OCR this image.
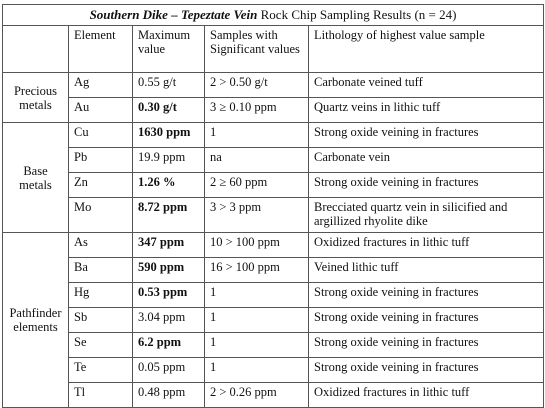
Southern Dike – Tepeztate Vein Rock Chip Sampling Results (n = 24)				
	Element	Maximum value	Samples with Significant values	Lithology of highest value sample
Precious metals	Ag	0.55 g/t	2 > 0.50 g/t	Carbonate veined tuff
	Au	0.30 g/t	3 ≥ 0.10 ppm	Quartz veins in lithic tuff
Base metals	Cu	1630 ppm	1	Strong oxide veining in fractures
	Pb	19.9 ppm	na	Carbonate vein
	Zn	1.26 %	2 ≥ 60 ppm	Strong oxide veining in fractures
	Mo	8.72 ppm	3 > 3 ppm	Brecciated quartz vein in silicified and argillized rhyolite dike
Pathfinder elements	As	347 ppm	10 > 100 ppm	Oxidized fractures in lithic tuff
	Ba	590 ppm	16 > 100 ppm	Veined lithic tuff
	Hg	0.53 ppm	1	Strong oxide veining in fractures
	Sb	3.04 ppm	1	Strong oxide veining in fractures
	Se	6.2 ppm	1	Strong oxide veining in fractures
	Te	0.05 ppm	1	Strong oxide veining in fractures
	Tl	0.48 ppm	2 > 0.26 ppm	Oxidized fractures in lithic tuff
